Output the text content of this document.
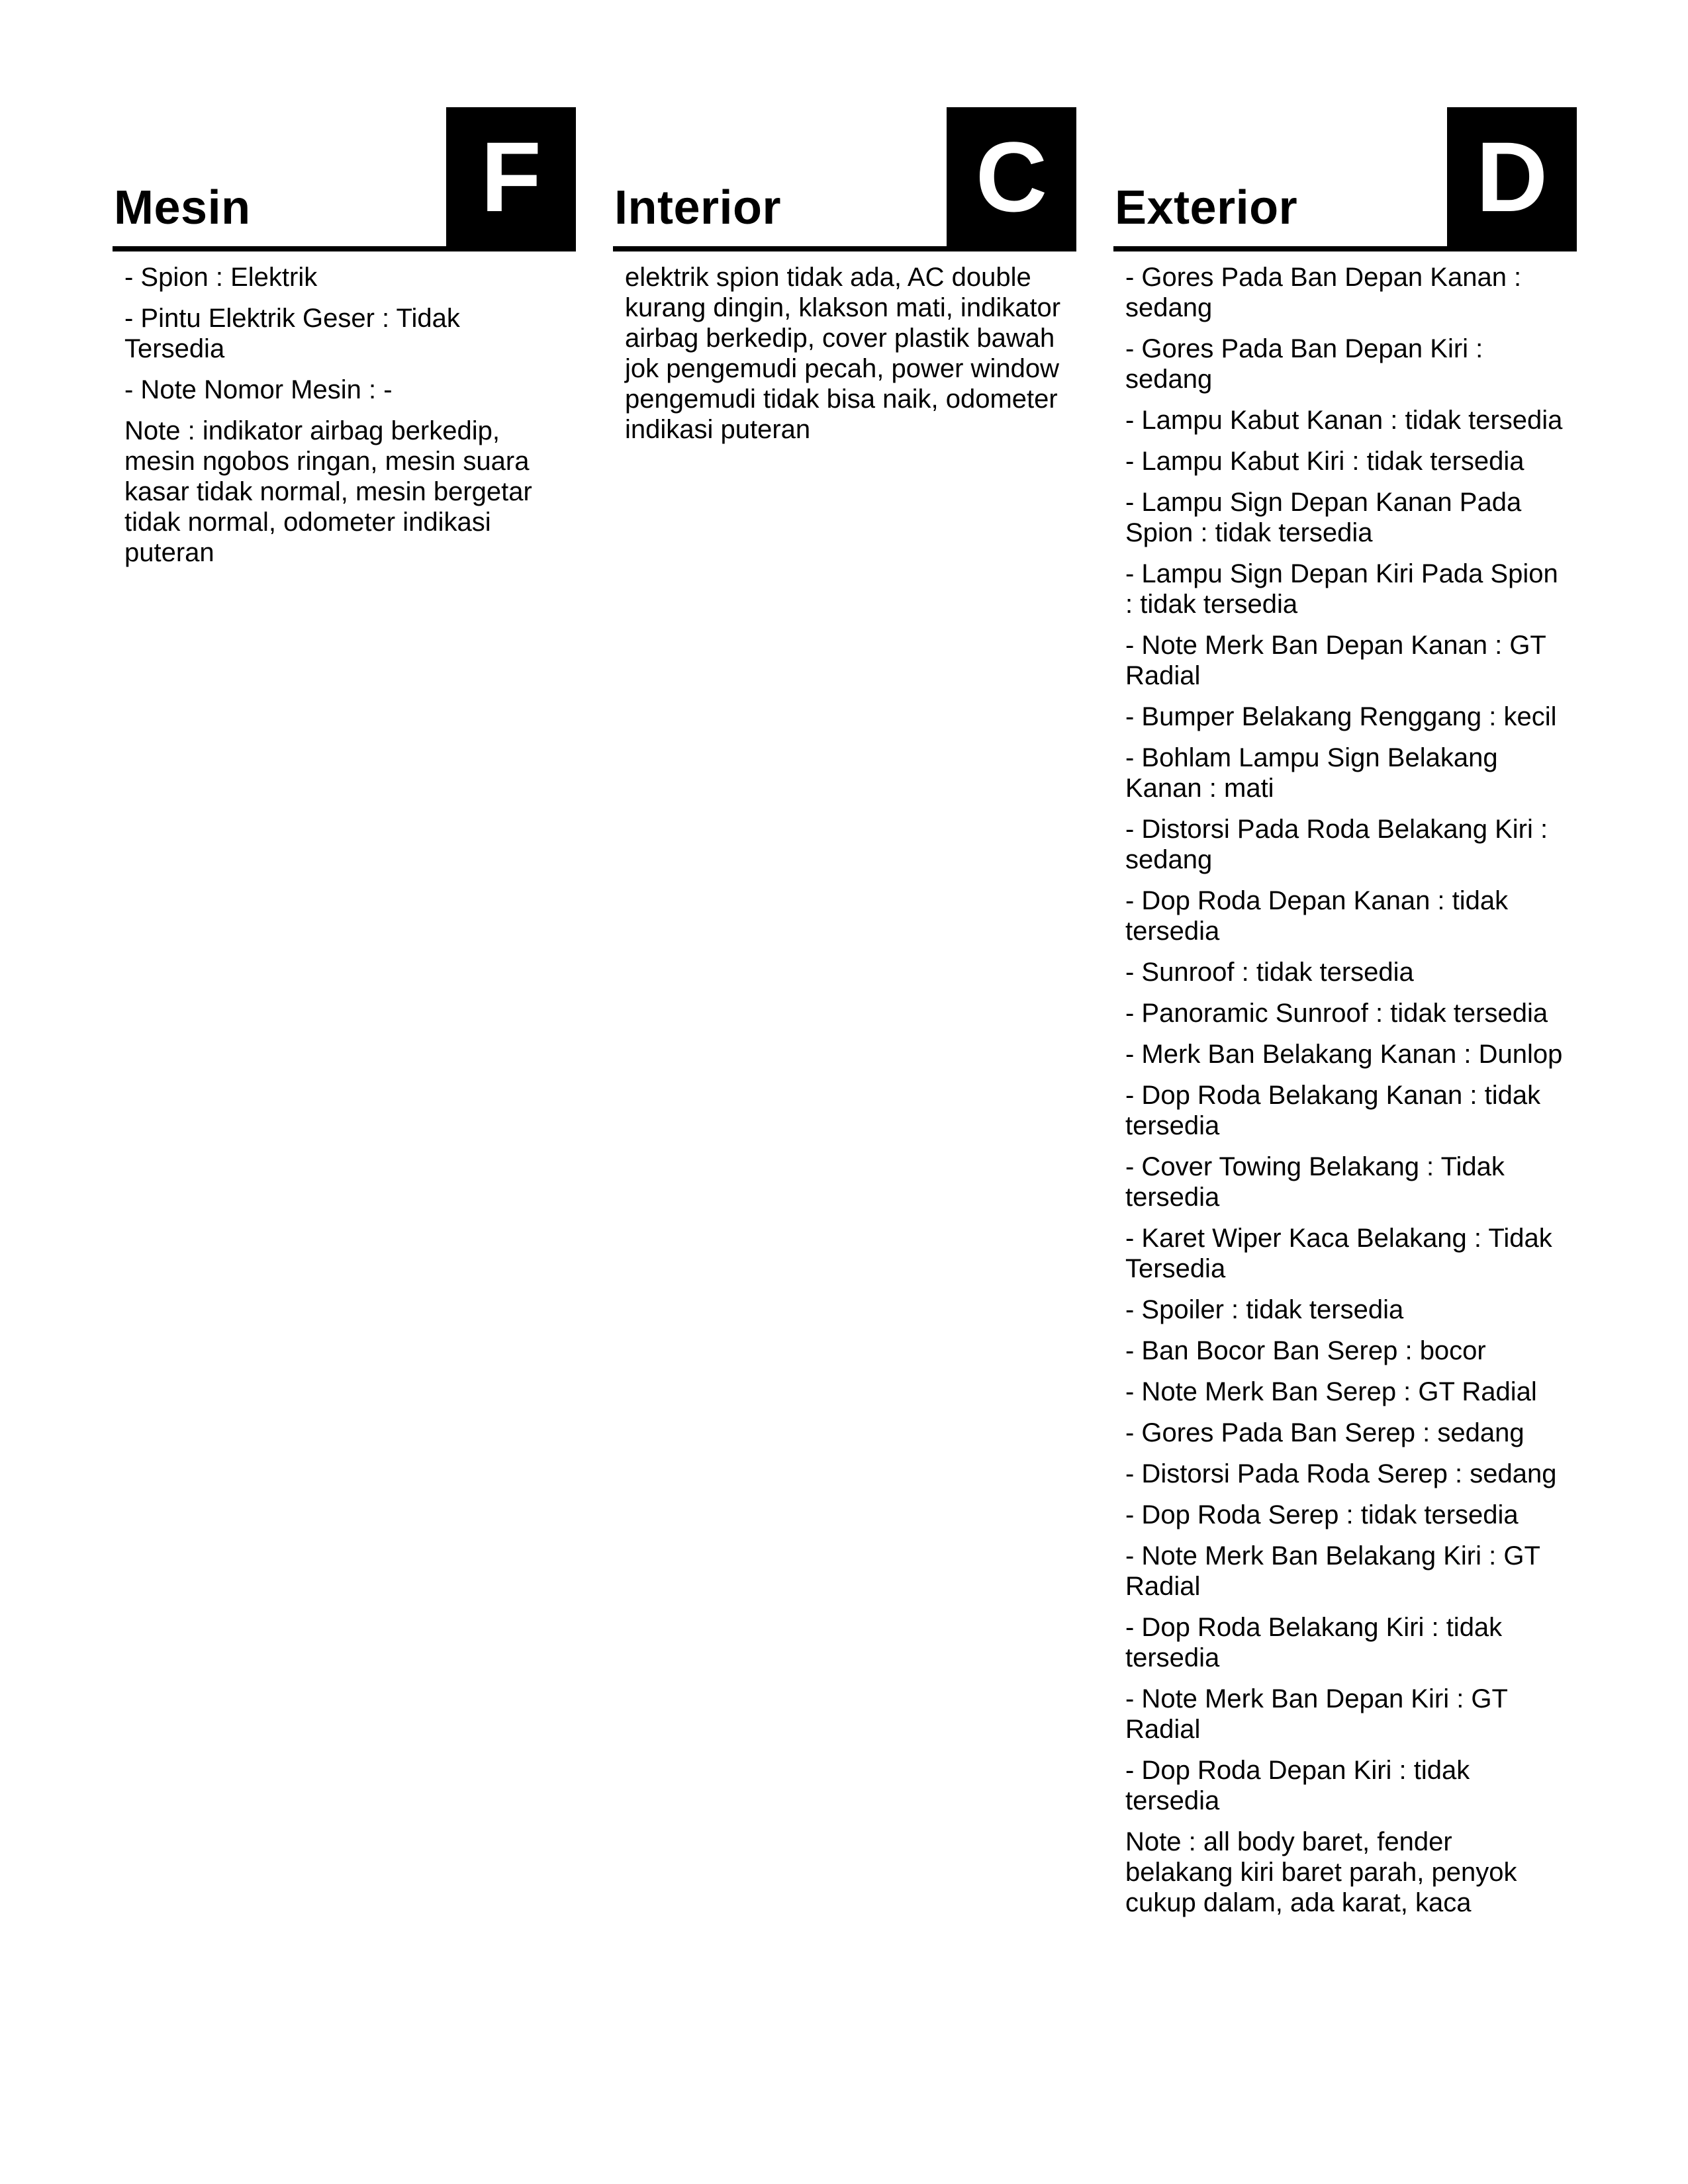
Mesin	F

- Spion : Elektrik

- Pintu Elektrik Geser : Tidak Tersedia

- Note Nomor Mesin : -

Note : indikator airbag berkedip, mesin ngobos ringan, mesin suara kasar tidak normal, mesin bergetar tidak normal, odometer indikasi puteran

Interior C

elektrik spion tidak ada, AC double kurang dingin, klakson mati, indikator airbag berkedip, cover plastik bawah jok pengemudi pecah, power window pengemudi tidak bisa naik, odometer indikasi puteran

Exterior D

- Gores Pada Ban Depan Kanan : sedang

- Gores Pada Ban Depan Kiri : sedang

- Lampu Kabut Kanan : tidak tersedia

- Lampu Kabut Kiri : tidak tersedia

- Lampu Sign Depan Kanan Pada Spion : tidak tersedia

- Lampu Sign Depan Kiri Pada Spion : tidak tersedia

- Note Merk Ban Depan Kanan : GT Radial

- Bumper Belakang Renggang : kecil

- Bohlam Lampu Sign Belakang Kanan : mati

- Distorsi Pada Roda Belakang Kiri : sedang

- Dop Roda Depan Kanan : tidak tersedia

- Sunroof : tidak tersedia

- Panoramic Sunroof : tidak tersedia

- Merk Ban Belakang Kanan : Dunlop

- Dop Roda Belakang Kanan : tidak tersedia

- Cover Towing Belakang : Tidak tersedia

- Karet Wiper Kaca Belakang : Tidak Tersedia

- Spoiler : tidak tersedia

- Ban Bocor Ban Serep : bocor

- Note Merk Ban Serep : GT Radial

- Gores Pada Ban Serep : sedang

- Distorsi Pada Roda Serep : sedang

- Dop Roda Serep : tidak tersedia

- Note Merk Ban Belakang Kiri : GT Radial

- Dop Roda Belakang Kiri : tidak tersedia

- Note Merk Ban Depan Kiri : GT Radial

- Dop Roda Depan Kiri : tidak tersedia

Note : all body baret, fender belakang kiri baret parah, penyok cukup dalam, ada karat, kaca
